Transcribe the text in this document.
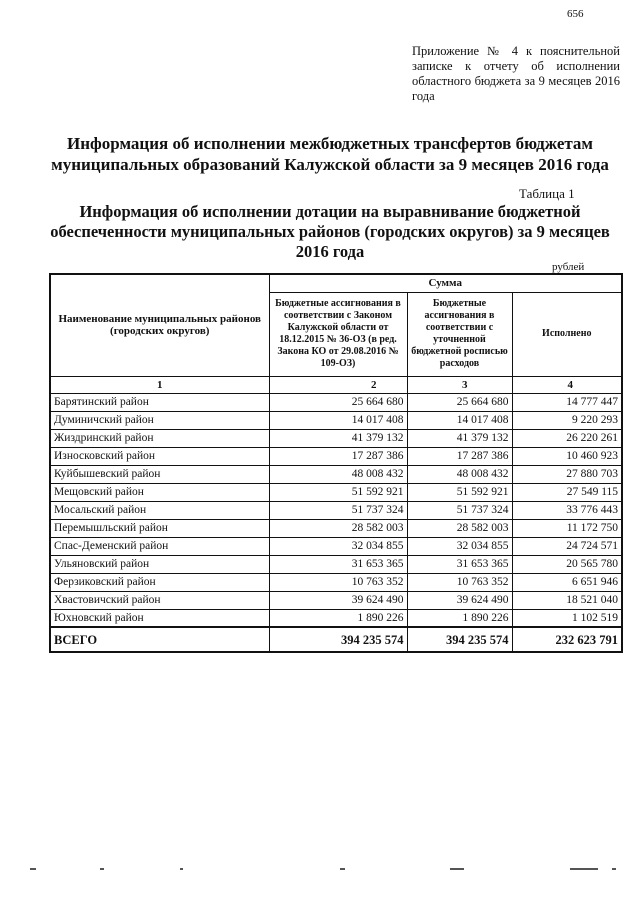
656
Приложение № 4 к пояснительной записке к отчету об исполнении областного бюджета за 9 месяцев 2016 года
Информация об исполнении межбюджетных трансфертов бюджетам муниципальных образований Калужской области за 9 месяцев 2016 года
Таблица 1
Информация об исполнении дотации на выравнивание бюджетной обеспеченности муниципальных районов (городских округов) за 9 месяцев 2016 года
рублей
Наименование муниципальных районов (городских округов)	Сумма		
	Бюджетные ассигнования в соответствии с Законом Калужской области от 18.12.2015 № 36-ОЗ (в ред. Закона КО от 29.08.2016 № 109-ОЗ)	Бюджетные ассигнования в соответствии с уточненной бюджетной росписью расходов	Исполнено
1	2	3	4
Барятинский район	25 664 680	25 664 680	14 777 447
Думиничский район	14 017 408	14 017 408	9 220 293
Жиздринский район	41 379 132	41 379 132	26 220 261
Износковский район	17 287 386	17 287 386	10 460 923
Куйбышевский район	48 008 432	48 008 432	27 880 703
Мещовский район	51 592 921	51 592 921	27 549 115
Мосальский район	51 737 324	51 737 324	33 776 443
Перемышльский район	28 582 003	28 582 003	11 172 750
Спас-Деменский район	32 034 855	32 034 855	24 724 571
Ульяновский район	31 653 365	31 653 365	20 565 780
Ферзиковский район	10 763 352	10 763 352	6 651 946
Хвастовичский район	39 624 490	39 624 490	18 521 040
Юхновский район	1 890 226	1 890 226	1 102 519
ВСЕГО	394 235 574	394 235 574	232 623 791
